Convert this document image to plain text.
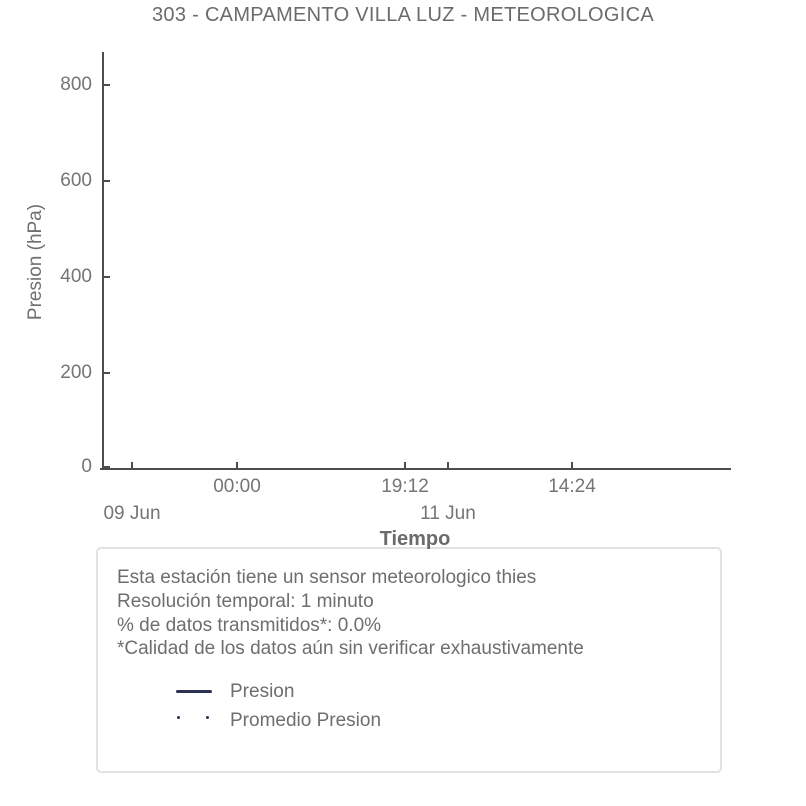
303 - CAMPAMENTO VILLA LUZ - METEOROLOGICA
Presion (hPa)
800
600
400
200
0
00:00	19:12	14:24
09 Jun	11 Jun
Tiempo
Esta estación tiene un sensor meteorologico thies
Resolución temporal: 1 minuto
% de datos transmitidos*: 0.0%
*Calidad de los datos aún sin verificar exhaustivamente
Presion
Promedio Presion
